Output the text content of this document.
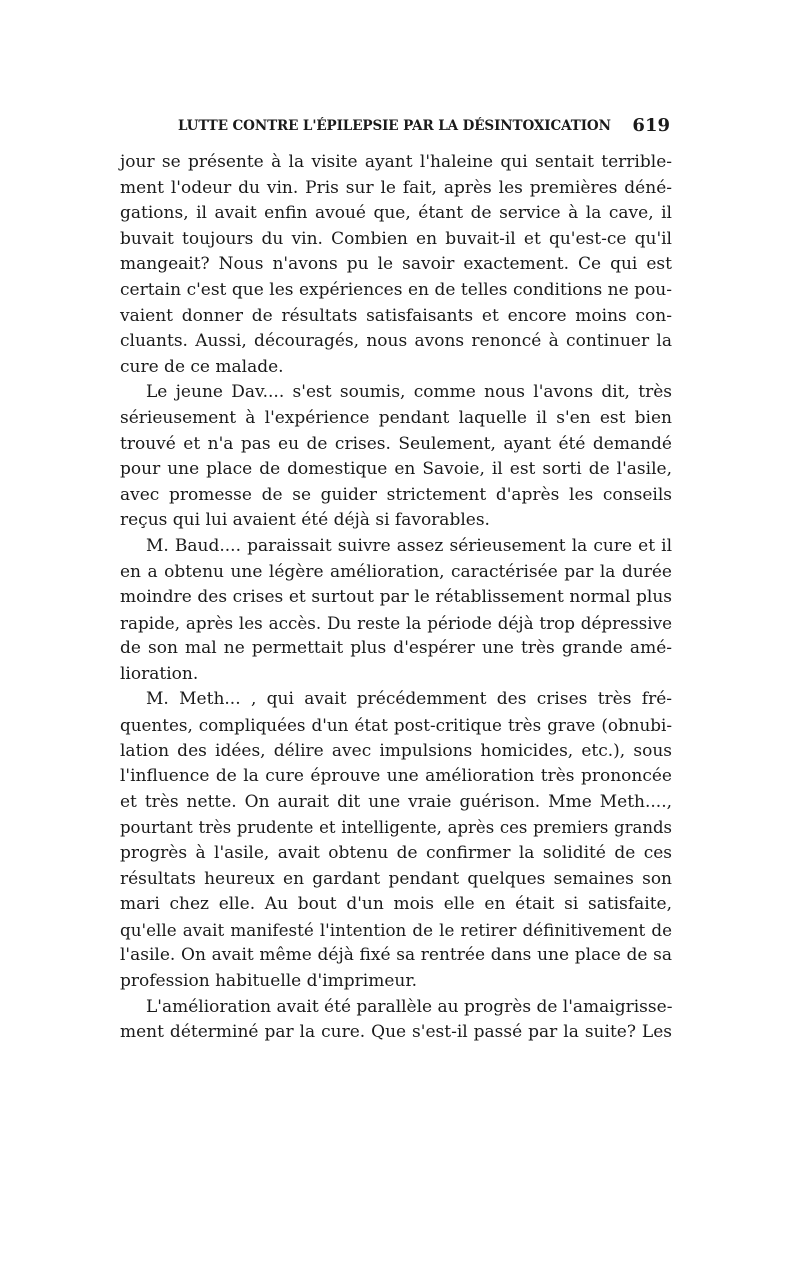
LUTTE CONTRE L'ÉPILEPSIE PAR LA DÉSINTOXICATION 619
jour se présente à la visite ayant l'haleine qui sentait terrible-
ment l'odeur du vin. Pris sur le fait, après les premières déné-
gations, il avait enfin avoué que, étant de service à la cave, il
buvait toujours du vin. Combien en buvait-il et qu'est-ce qu'il
mangeait? Nous n'avons pu le savoir exactement. Ce qui est
certain c'est que les expériences en de telles conditions ne pou-
vaient donner de résultats satisfaisants et encore moins con-
cluants. Aussi, découragés, nous avons renoncé à continuer la
cure de ce malade.
Le jeune Dav.... s'est soumis, comme nous l'avons dit, très
sérieusement à l'expérience pendant laquelle il s'en est bien
trouvé et n'a pas eu de crises. Seulement, ayant été demandé
pour une place de domestique en Savoie, il est sorti de l'asile,
avec promesse de se guider strictement d'après les conseils
reçus qui lui avaient été déjà si favorables.
M. Baud.... paraissait suivre assez sérieusement la cure et il
en a obtenu une légère amélioration, caractérisée par la durée
moindre des crises et surtout par le rétablissement normal plus
rapide, après les accès. Du reste la période déjà trop dépressive
de son mal ne permettait plus d'espérer une très grande amé-
lioration.
M. Meth... , qui avait précédemment des crises très fré-
quentes, compliquées d'un état post-critique très grave (obnubi-
lation des idées, délire avec impulsions homicides, etc.), sous
l'influence de la cure éprouve une amélioration très prononcée
et très nette. On aurait dit une vraie guérison. Mme Meth....,
pourtant très prudente et intelligente, après ces premiers grands
progrès à l'asile, avait obtenu de confirmer la solidité de ces
résultats heureux en gardant pendant quelques semaines son
mari chez elle. Au bout d'un mois elle en était si satisfaite,
qu'elle avait manifesté l'intention de le retirer définitivement de
l'asile. On avait même déjà fixé sa rentrée dans une place de sa
profession habituelle d'imprimeur.
L'amélioration avait été parallèle au progrès de l'amaigrisse-
ment déterminé par la cure. Que s'est-il passé par la suite? Les
